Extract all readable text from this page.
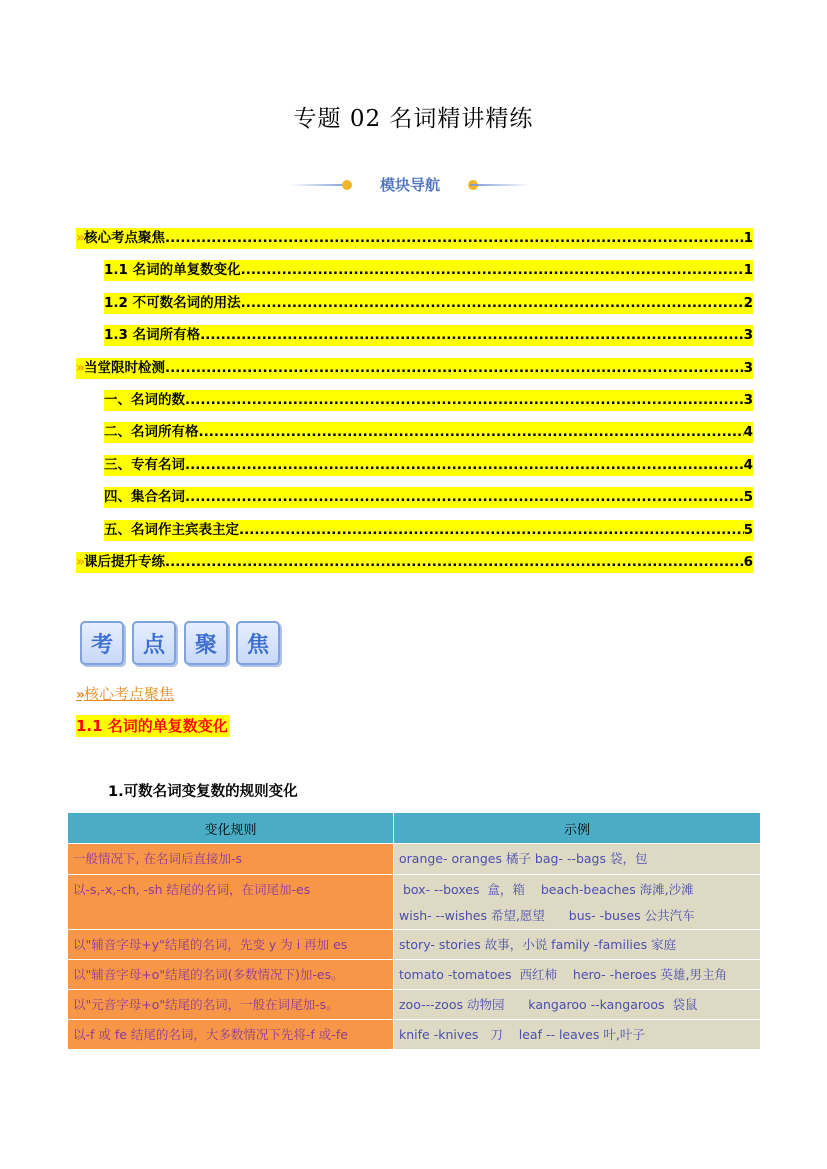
专题 02 名词精讲精练
模块导航
» 核心考点聚焦 .....	1
1.1 名词的单复数变化 .....	1
1.2 不可数名词的用法 .....	2
1.3 名词所有格 .....	3
» 当堂限时检测 .....	3
一、名词的数 .....	3
二、名词所有格 .....	4
三、专有名词 .....	4
四、集合名词 .....	5
五、名词作主宾表主定 .....	5
» 课后提升专练 .....	6
考	点	聚	焦
» 核心考点聚焦
1.1 名词的单复数变化
1.可数名词变复数的规则变化
变化规则	示例
一般情况下, 在名词后直接加-s	orange- oranges 橘子 bag- --bags 袋，包

以-s,-x,-ch, -sh 结尾的名词，在词尾加-es	box- --boxes  盒，箱    beach-beaches 海滩,沙滩
wish- --wishes 希望,愿望      bus- -buses 公共汽车

以"辅音字母+y"结尾的名词，先变 y 为 i 再加 es	story- stories 故事，小说 family -families 家庭

以"辅音字母+o"结尾的名词(多数情况下)加-es。	tomato -tomatoes  西红柿    hero- -heroes 英雄,男主角

以"元音字母+o"结尾的名词，一般在词尾加-s。	zoo---zoos 动物园      kangaroo --kangaroos  袋鼠

以-f 或 fe 结尾的名词，大多数情况下先将-f 或-fe	knife -knives   刀    leaf -- leaves 叶,叶子
